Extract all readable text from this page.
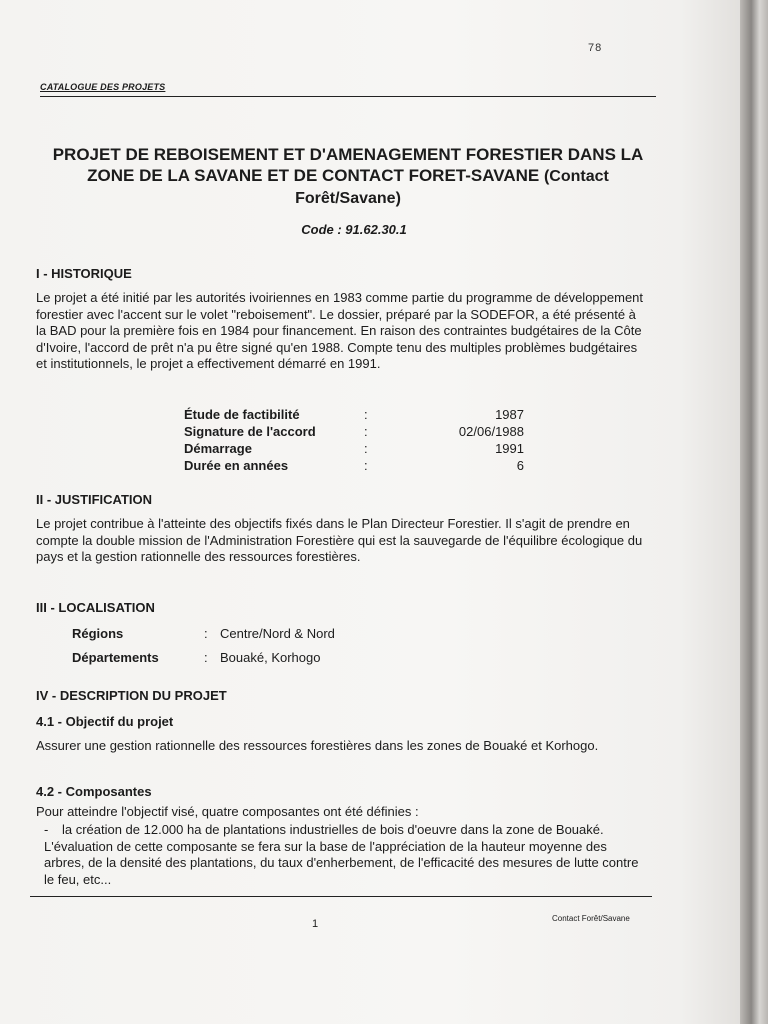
78
CATALOGUE DES PROJETS
PROJET DE REBOISEMENT ET D'AMENAGEMENT FORESTIER DANS LA ZONE DE LA SAVANE ET DE CONTACT FORET-SAVANE (Contact Forêt/Savane)
Code : 91.62.30.1
I - HISTORIQUE

Le projet a été initié par les autorités ivoiriennes en 1983 comme partie du programme de développement forestier avec l'accent sur le volet "reboisement". Le dossier, préparé par la SODEFOR, a été présenté à la BAD pour la première fois en 1984 pour financement. En raison des contraintes budgétaires de la Côte d'Ivoire, l'accord de prêt n'a pu être signé qu'en 1988. Compte tenu des multiples problèmes budgétaires et institutionnels, le projet a effectivement démarré en 1991.

Étude de factibilité	:	1987
Signature de l'accord	:	02/06/1988
Démarrage	:	1991
Durée en années	:	6
II - JUSTIFICATION

Le projet contribue à l'atteinte des objectifs fixés dans le Plan Directeur Forestier. Il s'agit de prendre en compte la double mission de l'Administration Forestière qui est la sauvegarde de l'équilibre écologique du pays et la gestion rationnelle des ressources forestières.

III - LOCALISATION
Régions	: Centre/Nord & Nord
Départements	: Bouaké, Korhogo
IV - DESCRIPTION DU PROJET
4.1 - Objectif du projet

Assurer une gestion rationnelle des ressources forestières dans les zones de Bouaké et Korhogo.

4.2 - Composantes

Pour atteindre l'objectif visé, quatre composantes ont été définies :

- la création de 12.000 ha de plantations industrielles de bois d'oeuvre dans la zone de Bouaké. L'évaluation de cette composante se fera sur la base de l'appréciation de la hauteur moyenne des arbres, de la densité des plantations, du taux d'enherbement, de l'efficacité des mesures de lutte contre le feu, etc...
1	Contact Forêt/Savane
